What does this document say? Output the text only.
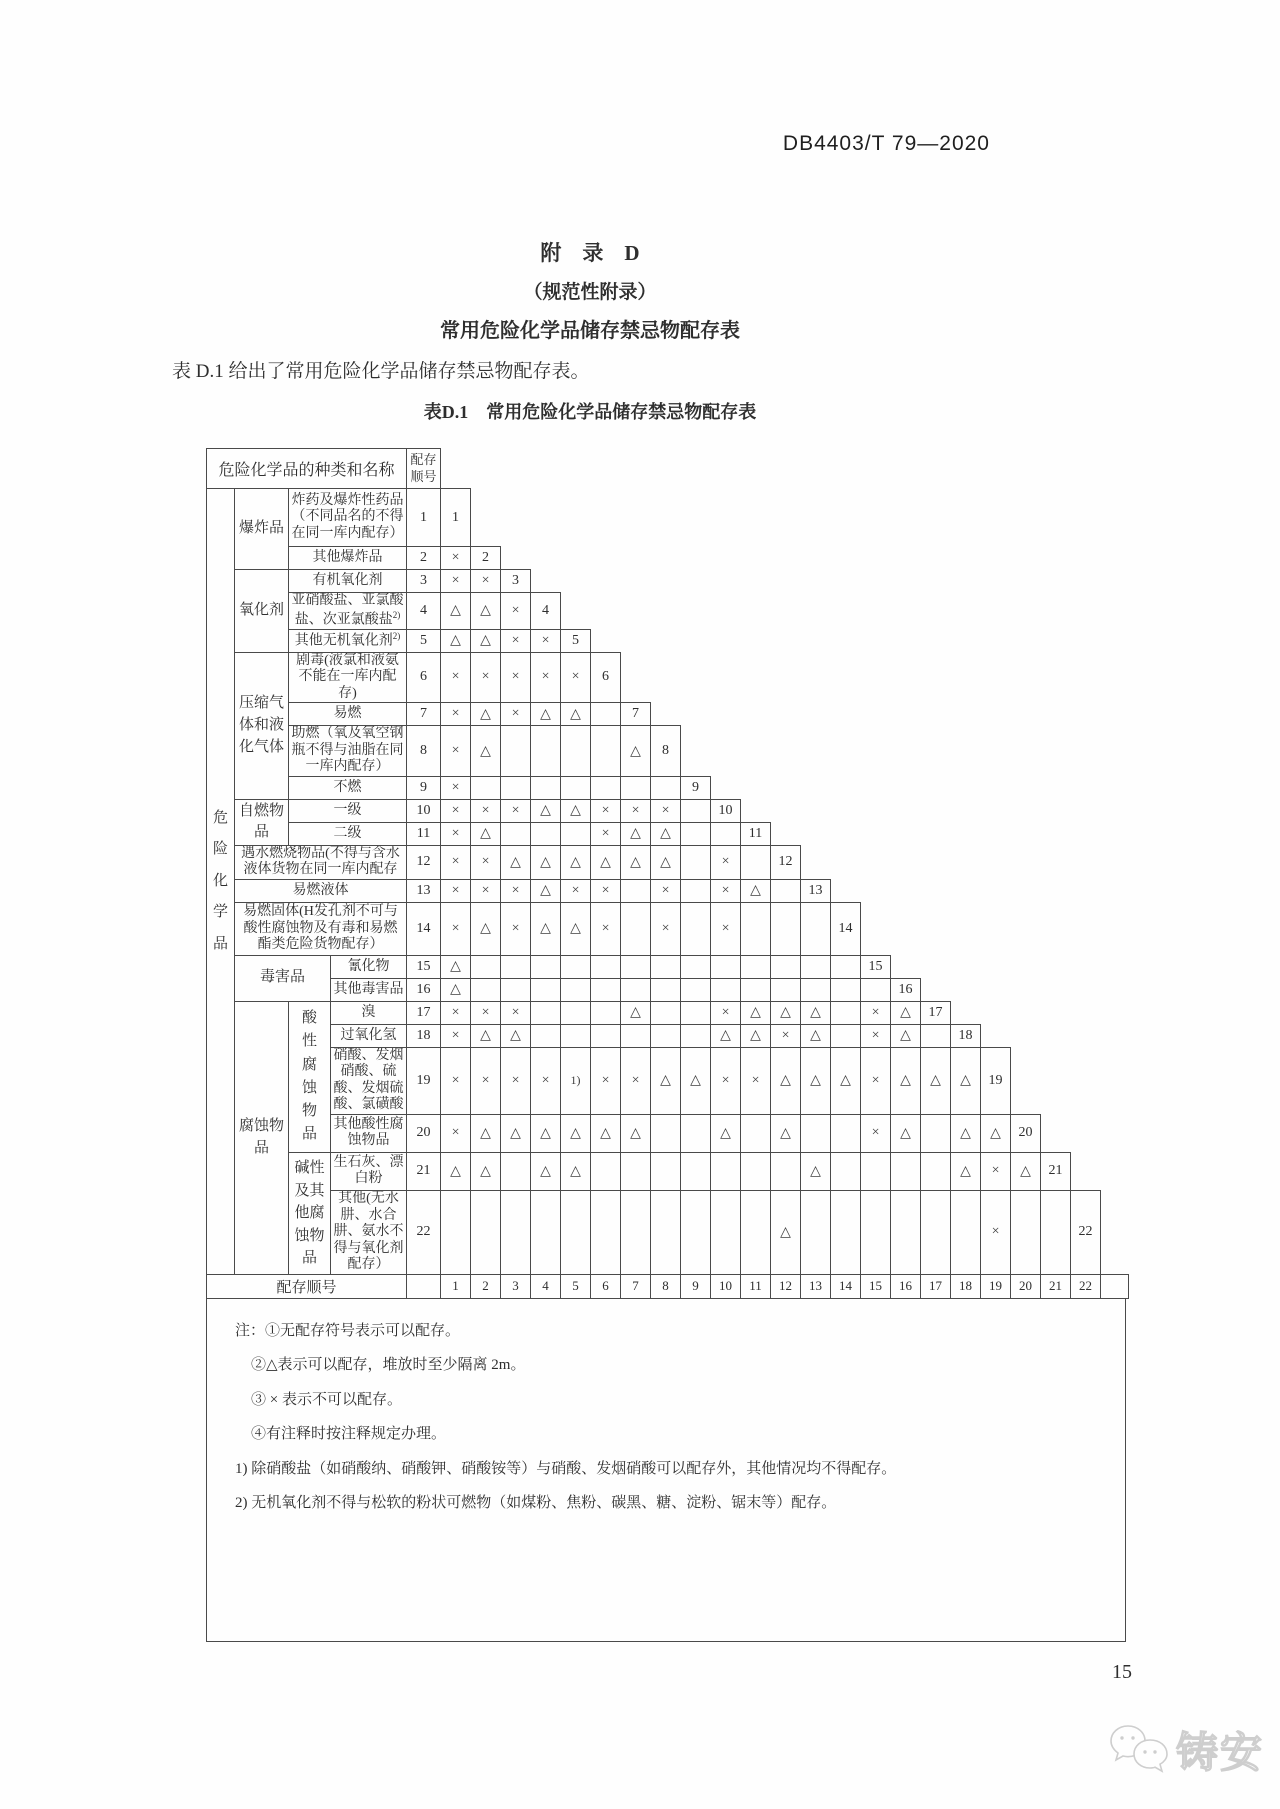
DB4403/T 79—2020
附　录　D
（规范性附录）
常用危险化学品储存禁忌物配存表
表 D.1 给出了常用危险化学品储存禁忌物配存表。
表D.1　常用危险化学品储存禁忌物配存表
危险化学品的种类和名称				配存顺号																							
危险化学品	爆炸品	炸药及爆炸性药品（不同品名的不得在同一库内配存）		1	1																						
		其他爆炸品		2	×	2																					
	氧化剂	有机氧化剂		3	×	×	3																				
		亚硝酸盐、亚氯酸盐、次亚氯酸盐$^{2)}$		4	△	△	×	4																			
		其他无机氧化剂$^{2)}$		5	△	△	×	×	5																		
	压缩气体和液化气体	剧毒(液氯和液氨不能在一库内配存)		6	×	×	×	×	×	6																	
		易燃		7	×	△	×	△	△		7																
		助燃（氧及氧空钢瓶不得与油脂在同一库内配存）		8	×	△					△	8															
		不燃		9	×								9														
	自燃物品	一级		10	×	×	×	△	△	×	×	×		10													
		二级		11	×	△				×	△	△			11												
	遇水燃烧物品(不得与含水液体货物在同一库内配存			12	×	×	△	△	△	△	△	△		×		12											
	易燃液体			13	×	×	×	△	×	×		×		×	△		13										
	易燃固体(H发孔剂不可与酸性腐蚀物及有毒和易燃酯类危险货物配存）			14	×	△	×	△	△	×		×		×				14									
	毒害品		氰化物	15	△														15								
			其他毒害品	16	△															16							
	腐蚀物品	酸性腐蚀物品	溴	17	×	×	×				△			×	△	△	△		×	△	17						
			过氧化氢	18	×	△	△							△	△	×	△		×	△		18					
			硝酸、发烟硝酸、硫酸、发烟硫酸、氯磺酸	19	×	×	×	×	1)	×	×	△	△	×	×	△	△	△	×	△	△	△	19				
			其他酸性腐蚀物品	20	×	△	△	△	△	△	△			△		△			×	△		△	△	20			
		碱性及其他腐蚀物品	生石灰、漂白粉	21	△	△		△	△								△					△	×	△	21		
			其他(无水肼、水合肼、氨水不得与氧化剂配存）	22												△							×			22	
配存顺号					1	2	3	4	5	6	7	8	9	10	11	12	13	14	15	16	17	18	19	20	21	22	
注：①无配存符号表示可以配存。
②△表示可以配存，堆放时至少隔离 2m。
③ × 表示不可以配存。
④有注释时按注释规定办理。
1) 除硝酸盐（如硝酸纳、硝酸钾、硝酸铵等）与硝酸、发烟硝酸可以配存外，其他情况均不得配存。
2) 无机氧化剂不得与松软的粉状可燃物（如煤粉、焦粉、碳黑、糖、淀粉、锯末等）配存。
15
铸安
